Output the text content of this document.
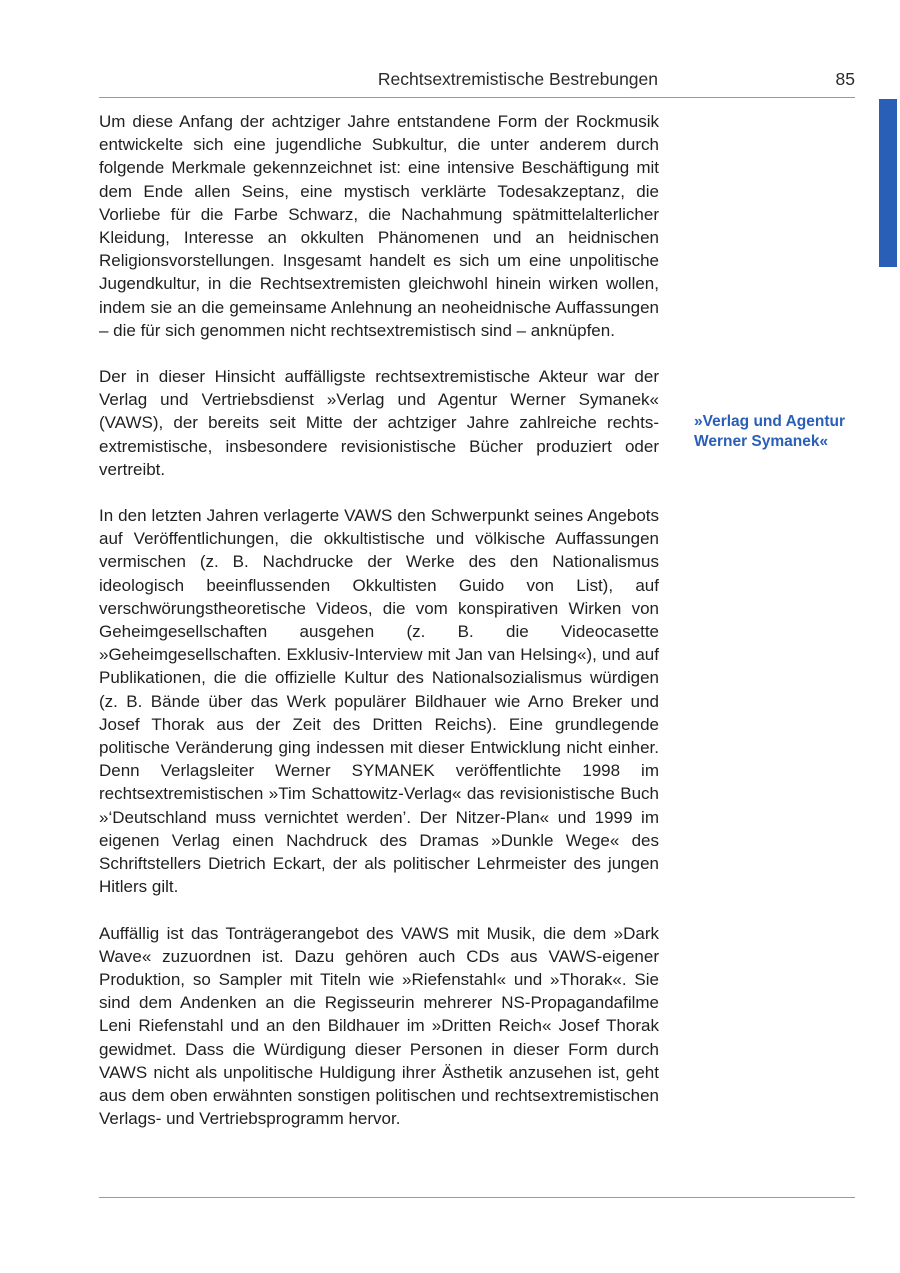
Rechtsextremistische Bestrebungen	85

Um diese Anfang der achtziger Jahre entstandene Form der Rockmusik entwickelte sich eine jugendliche Subkultur, die unter anderem durch folgende Merkmale gekennzeichnet ist: eine intensive Beschäftigung mit dem Ende allen Seins, eine mystisch verklärte Todesakzeptanz, die Vorliebe für die Farbe Schwarz, die Nachahmung spätmittelalterlicher Kleidung, Interesse an okkulten Phänomenen und an heidnischen Religionsvorstellungen. Insgesamt handelt es sich um eine unpolitische Jugendkultur, in die Rechtsextremisten gleichwohl hinein wirken wollen, indem sie an die gemeinsame Anlehnung an neoheidnische Auffassungen – die für sich genommen nicht rechtsextremistisch sind – anknüpfen.

Der in dieser Hinsicht auffälligste rechtsextremistische Akteur war der Verlag und Vertriebsdienst »Verlag und Agentur Werner Symanek« (VAWS), der bereits seit Mitte der achtziger Jahre zahlreiche rechtsextremistische, insbesondere revisionistische Bücher produziert oder vertreibt.

In den letzten Jahren verlagerte VAWS den Schwerpunkt seines Angebots auf Veröffentlichungen, die okkultistische und völkische Auffassungen vermischen (z. B. Nachdrucke der Werke des den Nationalismus ideologisch beeinflussenden Okkultisten Guido von List), auf verschwörungstheoretische Videos, die vom konspirativen Wirken von Geheimgesellschaften ausgehen (z. B. die Videocasette »Geheimgesellschaften. Exklusiv-Interview mit Jan van Helsing«), und auf Publikationen, die die offizielle Kultur des Nationalsozialismus würdigen (z. B. Bände über das Werk populärer Bildhauer wie Arno Breker und Josef Thorak aus der Zeit des Dritten Reichs). Eine grundlegende politische Veränderung ging indessen mit dieser Entwicklung nicht einher. Denn Verlagsleiter Werner SYMANEK veröffentlichte 1998 im rechtsextremistischen »Tim Schattowitz-Verlag« das revisionistische Buch »‘Deutschland muss vernichtet werden’. Der Nitzer-Plan« und 1999 im eigenen Verlag einen Nachdruck des Dramas »Dunkle Wege« des Schriftstellers Dietrich Eckart, der als politischer Lehrmeister des jungen Hitlers gilt.

Auffällig ist das Tonträgerangebot des VAWS mit Musik, die dem »Dark Wave« zuzuordnen ist. Dazu gehören auch CDs aus VAWS-eigener Produktion, so Sampler mit Titeln wie »Riefenstahl« und »Thorak«. Sie sind dem Andenken an die Regisseurin mehrerer NS-Propagandafilme Leni Riefenstahl und an den Bildhauer im »Dritten Reich« Josef Thorak gewidmet. Dass die Würdigung dieser Personen in dieser Form durch VAWS nicht als unpolitische Huldigung ihrer Ästhetik anzusehen ist, geht aus dem oben erwähnten sonstigen politischen und rechtsextremistischen Verlags- und Vertriebsprogramm hervor.

»Verlag und Agentur Werner Symanek«
